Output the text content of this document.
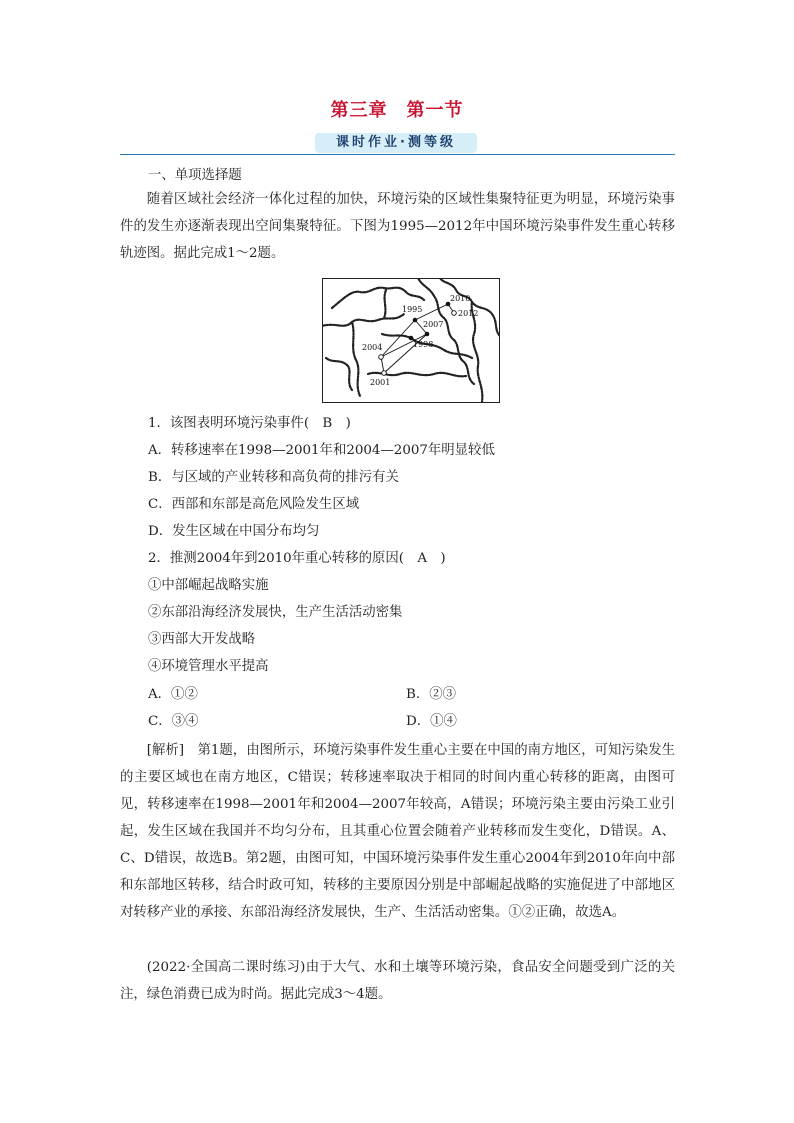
第三章　第一节
课时作业·测等级
一、单项选择题
随着区域社会经济一体化过程的加快，环境污染的区域性集聚特征更为明显，环境污染事件的发生亦逐渐表现出空间集聚特征。下图为1995—2012年中国环境污染事件发生重心转移轨迹图。据此完成1～2题。
2010
1995	2012
2007
1998
2004
2001
1．该图表明环境污染事件(　B　)
A．转移速率在1998—2001年和2004—2007年明显较低
B．与区域的产业转移和高负荷的排污有关
C．西部和东部是高危风险发生区域
D．发生区域在中国分布均匀
2．推测2004年到2010年重心转移的原因(　A　)
①中部崛起战略实施
②东部沿海经济发展快，生产生活活动密集
③西部大开发战略
④环境管理水平提高
A．①②	B．②③
C．③④	D．①④
[解析]　第1题，由图所示，环境污染事件发生重心主要在中国的南方地区，可知污染发生的主要区域也在南方地区，C错误；转移速率取决于相同的时间内重心转移的距离，由图可见，转移速率在1998—2001年和2004—2007年较高，A错误；环境污染主要由污染工业引起，发生区域在我国并不均匀分布，且其重心位置会随着产业转移而发生变化，D错误。A、C、D错误，故选B。第2题，由图可知，中国环境污染事件发生重心2004年到2010年向中部和东部地区转移，结合时政可知，转移的主要原因分别是中部崛起战略的实施促进了中部地区对转移产业的承接、东部沿海经济发展快，生产、生活活动密集。①②正确，故选A。
(2022·全国高二课时练习)由于大气、水和土壤等环境污染，食品安全问题受到广泛的关注，绿色消费已成为时尚。据此完成3～4题。
